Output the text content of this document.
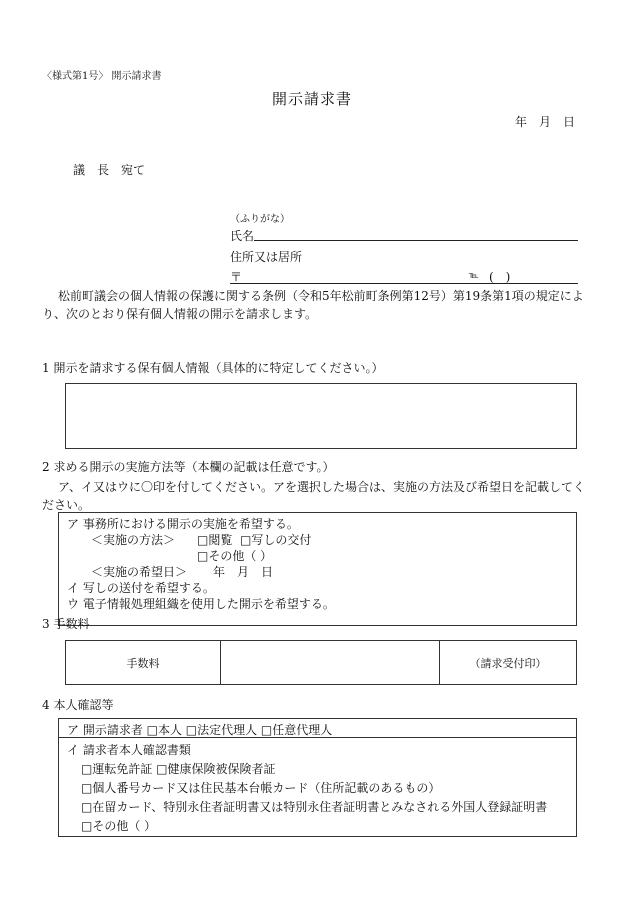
〈様式第1号〉 開示請求書
開示請求書
年　月　日
議　長　宛て
（ふりがな）
氏名
住所又は居所
〒	℡ (　)
松前町議会の個人情報の保護に関する条例（令和5年松前町条例第12号）第19条第1項の規定により、次のとおり保有個人情報の開示を請求します。
1 開示を請求する保有個人情報（具体的に特定してください。）
2 求める開示の実施方法等（本欄の記載は任意です。）
ア、イ又はウに〇印を付してください。アを選択した場合は、実施の方法及び希望日を記載してください。
ア 事務所における開示の実施を希望する。
＜実施の方法＞ □閲覧 □写しの交付
□その他（ ）
＜実施の希望日＞ 年　月　日
イ 写しの送付を希望する。
ウ 電子情報処理組織を使用した開示を希望する。
3 手数料
手数料		（請求受付印）
4 本人確認等
ア 開示請求者 □本人 □法定代理人 □任意代理人
イ 請求者本人確認書類
□運転免許証 □健康保険被保険者証
□個人番号カード又は住民基本台帳カード（住所記載のあるもの）
□在留カード、特別永住者証明書又は特別永住者証明書とみなされる外国人登録証明書
□その他（ ）
